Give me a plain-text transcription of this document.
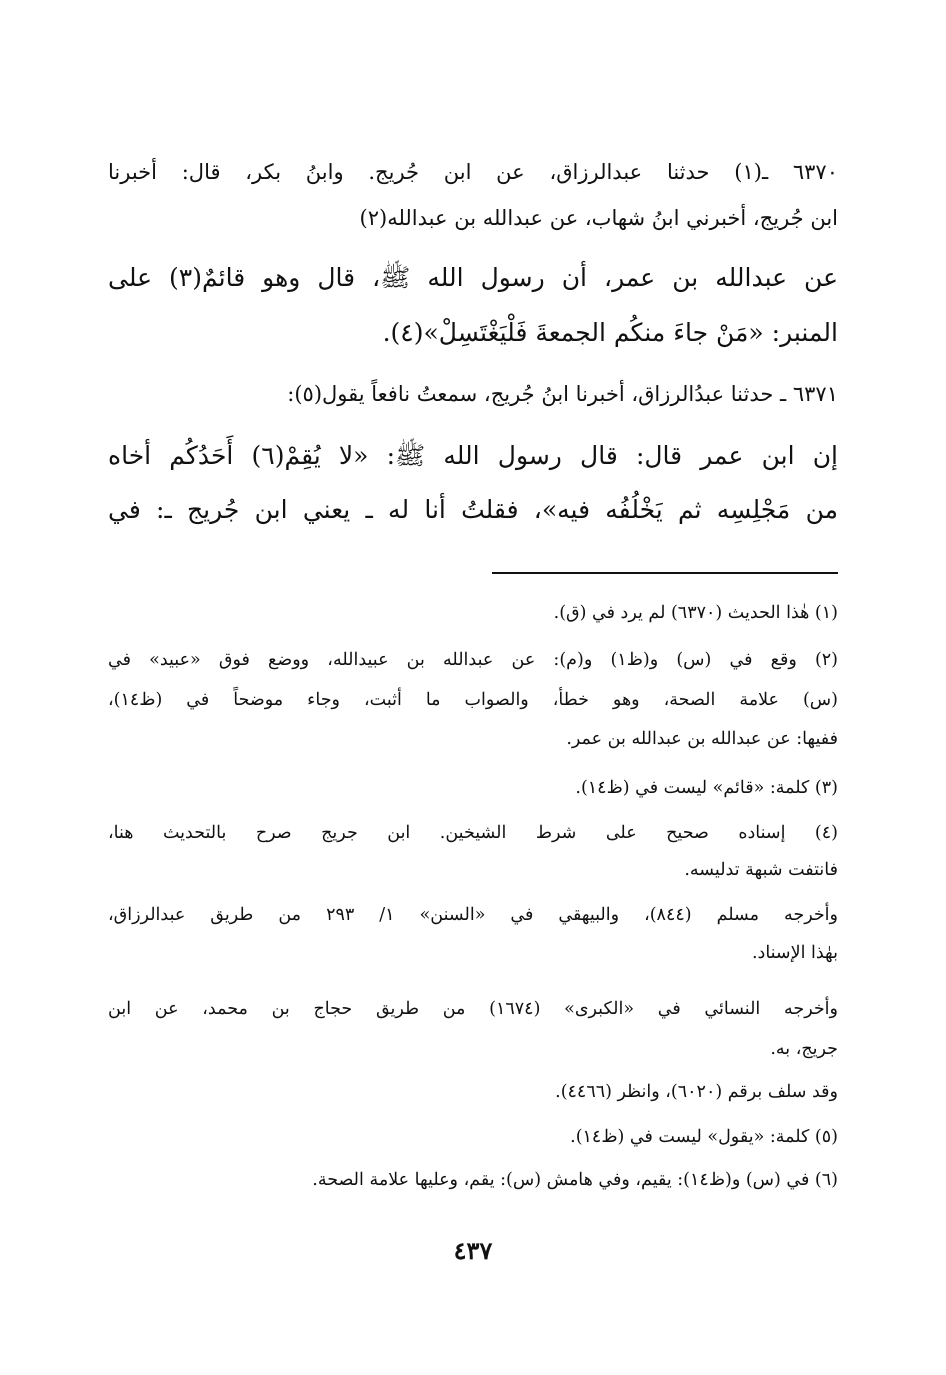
٦٣٧٠ ـ(١) حدثنا عبدالرزاق، عن ابن جُريج. وابنُ بكر، قال: أخبرنا
ابن جُريج، أخبرني ابنُ شهاب، عن عبدالله بن عبدالله(٢)
عن عبدالله بن عمر، أن رسول الله ﷺ، قال وهو قائمٌ(٣) على
المنبر: «مَنْ جاءَ منكُم الجمعةَ فَلْيَغْتَسِلْ»(٤).
٦٣٧١ ـ حدثنا عبدُالرزاق، أخبرنا ابنُ جُريج، سمعتُ نافعاً يقول(٥):
إن ابن عمر قال: قال رسول الله ﷺ: «لا يُقِمْ(٦) أَحَدُكُم أخاه
من مَجْلِسِه ثم يَخْلُفُه فيه»، فقلتُ أنا له ـ يعني ابن جُريج ـ: في
(١) هٰذا الحديث (٦٣٧٠) لم يرد في (ق).
(٢) وقع في (س) و(ظ١) و(م): عن عبدالله بن عبيدالله، ووضع فوق «عبيد» في
(س) علامة الصحة، وهو خطأ، والصواب ما أثبت، وجاء موضحاً في (ظ١٤)،
ففيها: عن عبدالله بن عبدالله بن عمر.
(٣) كلمة: «قائم» ليست في (ظ١٤).
(٤) إسناده صحيح على شرط الشيخين. ابن جريج صرح بالتحديث هنا،
فانتفت شبهة تدليسه.
وأخرجه مسلم (٨٤٤)، والبيهقي في «السنن» ١/ ٢٩٣ من طريق عبدالرزاق،
بهٰذا الإسناد.
وأخرجه النسائي في «الكبرى» (١٦٧٤) من طريق حجاج بن محمد، عن ابن
جريج، به.
وقد سلف برقم (٦٠٢٠)، وانظر (٤٤٦٦).
(٥) كلمة: «يقول» ليست في (ظ١٤).
(٦) في (س) و(ظ١٤): يقيم، وفي هامش (س): يقم، وعليها علامة الصحة.
٤٣٧
